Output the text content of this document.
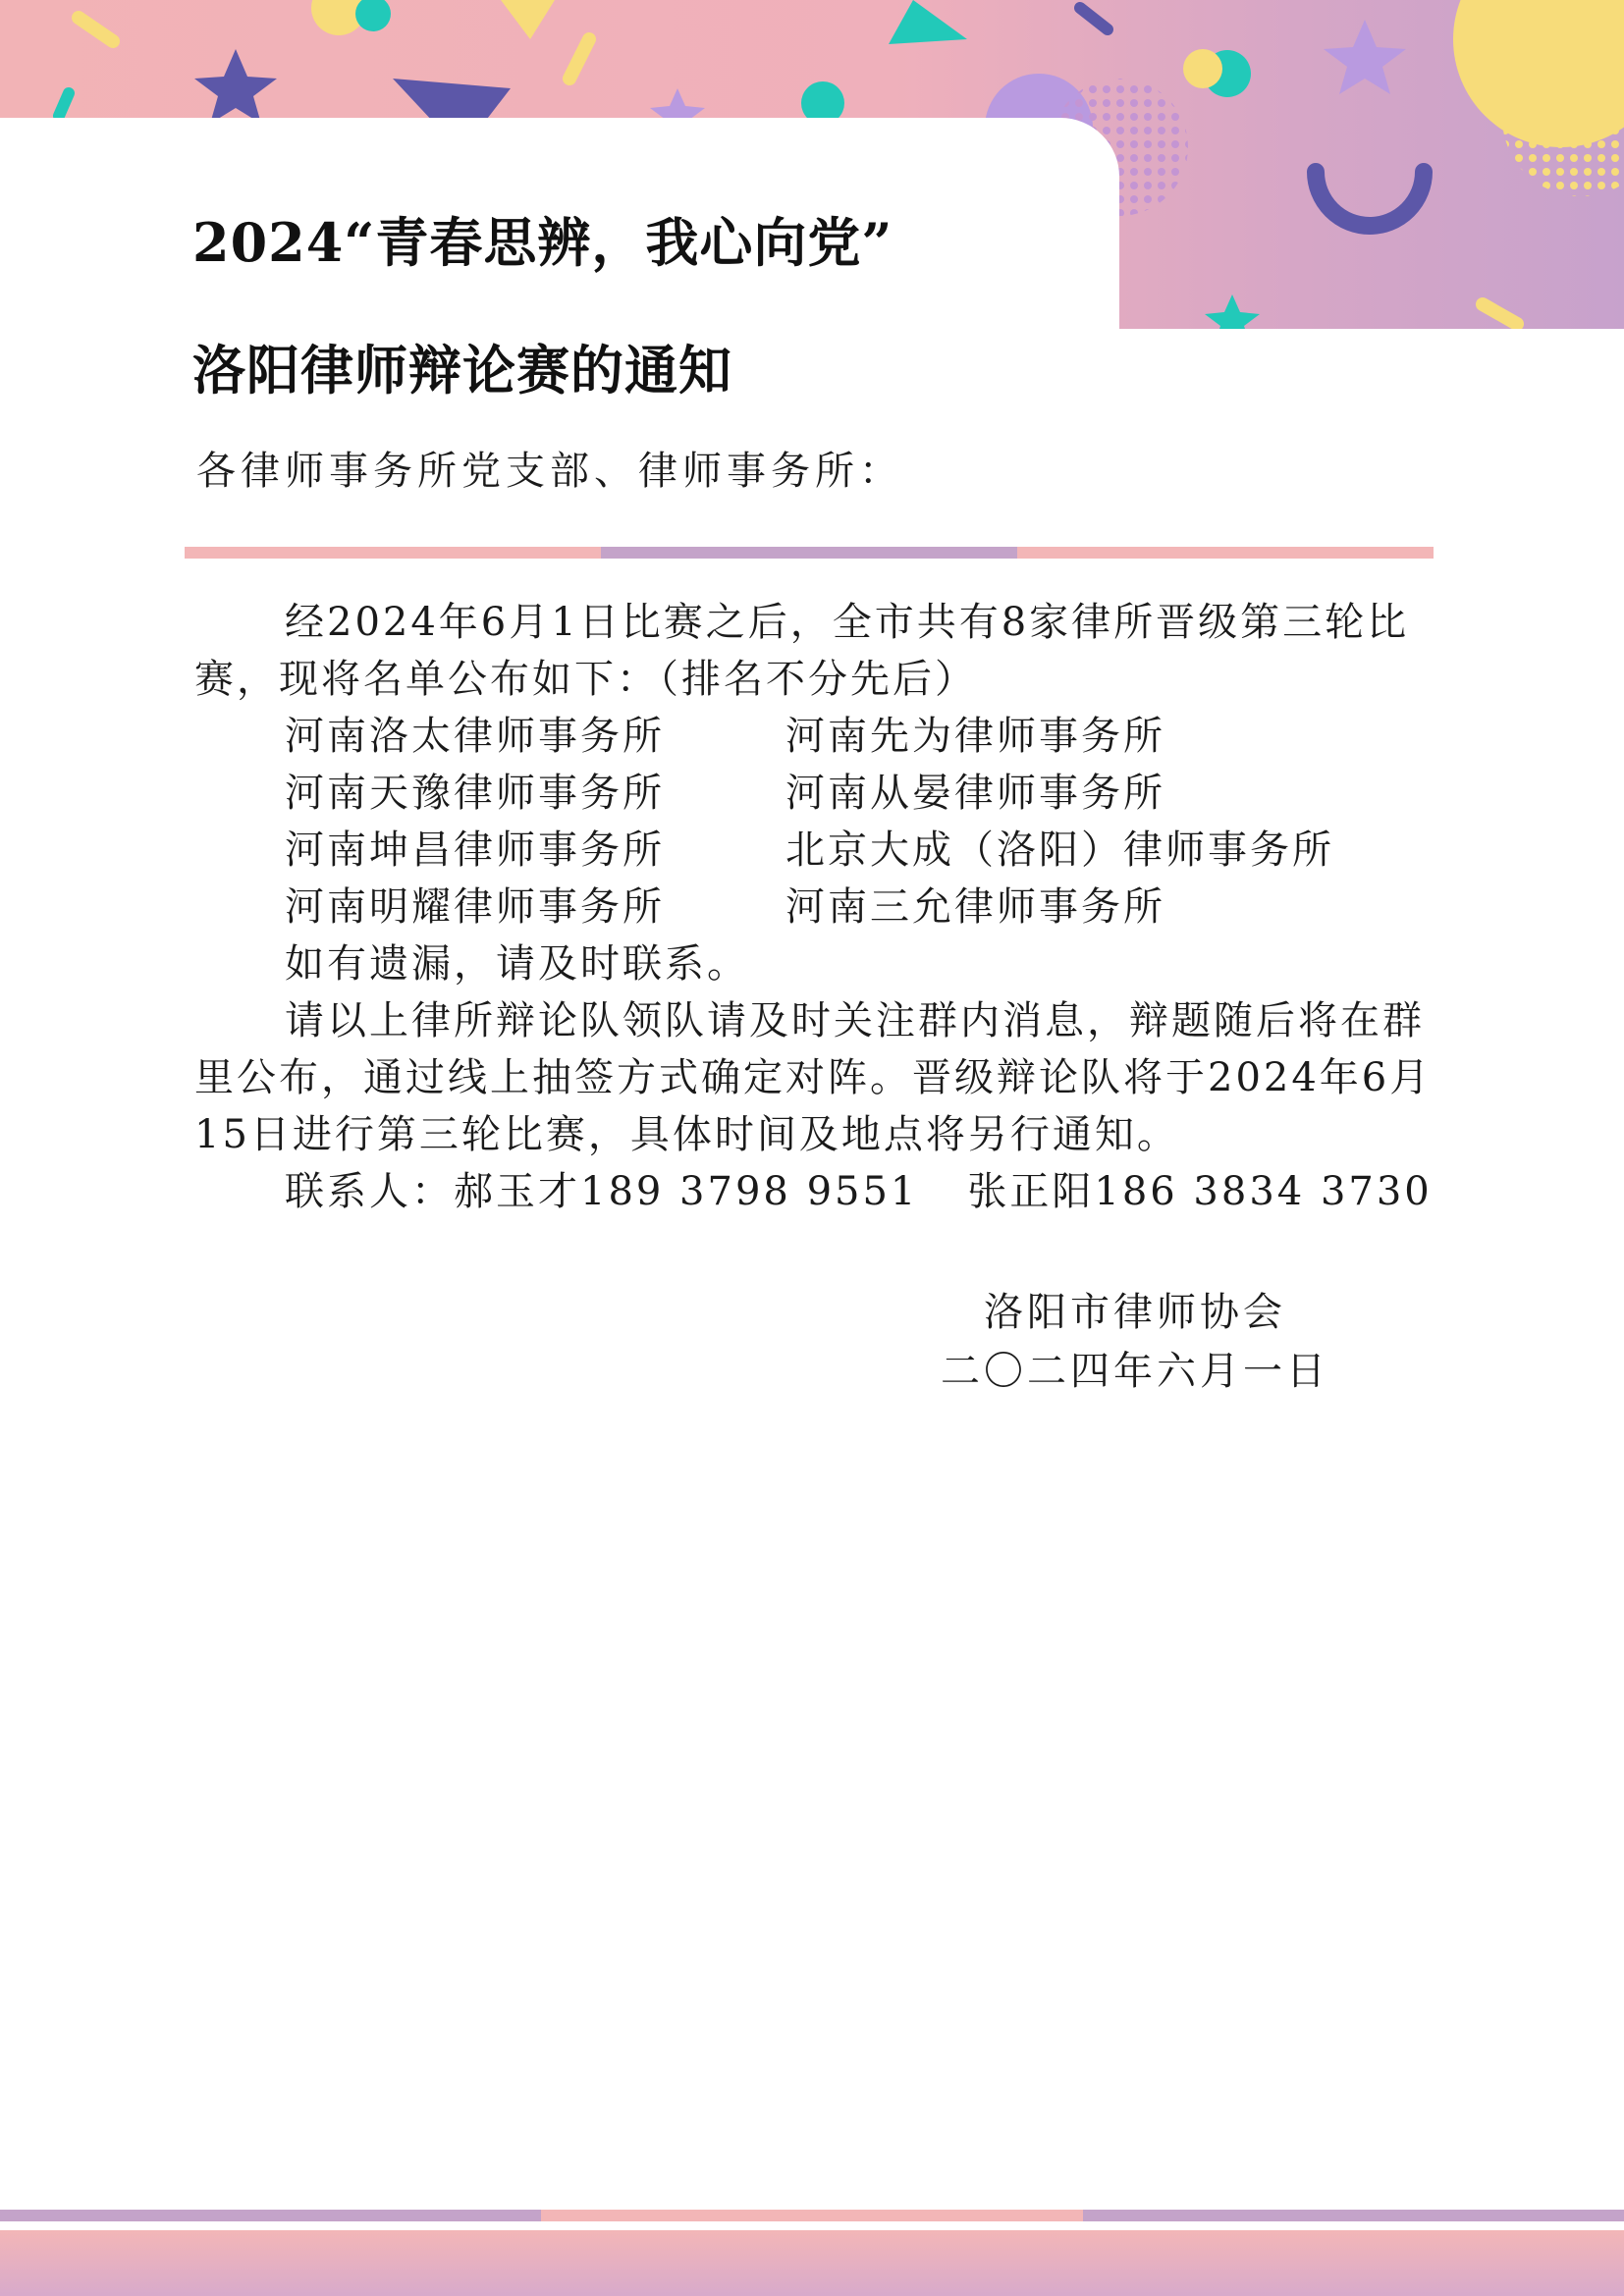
2024“青春思辨，我心向党”
洛阳律师辩论赛的通知

各律师事务所党支部、律师事务所：

经2024年6月1日比赛之后，全市共有8家律所晋级第三轮比赛，现将名单公布如下：（排名不分先后）

河南洛太律师事务所	河南先为律师事务所
河南天豫律师事务所	河南从晏律师事务所
河南坤昌律师事务所	北京大成（洛阳）律师事务所
河南明耀律师事务所	河南三允律师事务所

如有遗漏，请及时联系。

请以上律所辩论队领队请及时关注群内消息，辩题随后将在群里公布，通过线上抽签方式确定对阵。晋级辩论队将于2024年6月15日进行第三轮比赛，具体时间及地点将另行通知。

联系人：郝玉才189 3798 9551 张正阳186 3834 3730

洛阳市律师协会

二〇二四年六月一日
